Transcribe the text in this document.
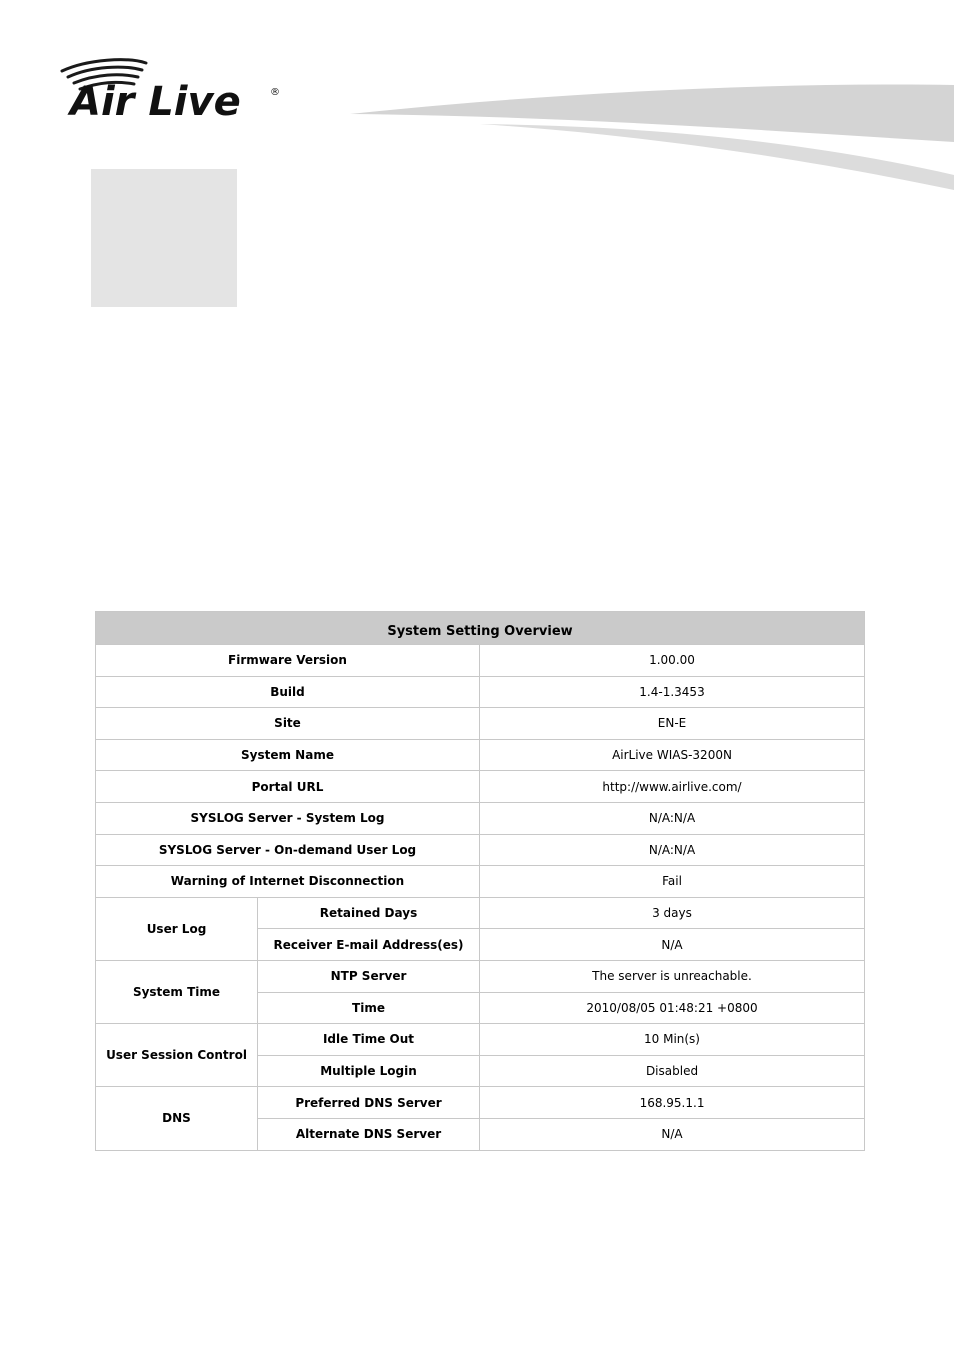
Air Live	®
System Setting Overview		
Firmware Version		1.00.00
Build		1.4-1.3453
Site		EN-E
System Name		AirLive WIAS-3200N
Portal URL		http://www.airlive.com/
SYSLOG Server - System Log		N/A:N/A
SYSLOG Server - On-demand User Log		N/A:N/A
Warning of Internet Disconnection		Fail
User Log	Retained Days	3 days
	Receiver E-mail Address(es)	N/A
System Time	NTP Server	The server is unreachable.
	Time	2010/08/05 01:48:21 +0800
User Session Control	Idle Time Out	10 Min(s)
	Multiple Login	Disabled
DNS	Preferred DNS Server	168.95.1.1
	Alternate DNS Server	N/A
